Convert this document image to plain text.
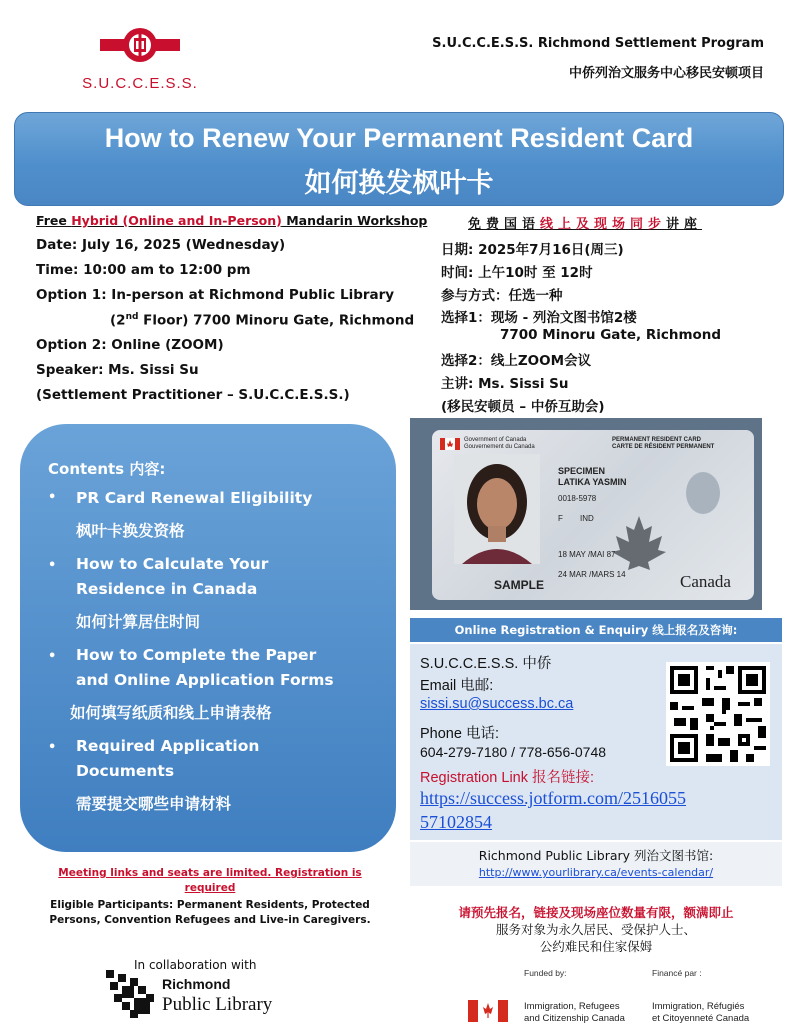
S.U.C.C.E.S.S.
S.U.C.C.E.S.S. Richmond Settlement Program
中侨列治文服务中心移民安顿项目
How to Renew Your Permanent Resident Card
如何换发枫叶卡
Free Hybrid (Online and In-Person) Mandarin Workshop
Date: July 16, 2025 (Wednesday)
Time: 10:00 am to 12:00 pm
Option 1: In-person at Richmond Public Library
(2nd Floor) 7700 Minoru Gate, Richmond
Option 2: Online (ZOOM)
Speaker: Ms. Sissi Su
(Settlement Practitioner – S.U.C.C.E.S.S.)
免费国语线上及现场同步讲座
日期: 2025年7月16日(周三)
时间: 上午10时 至 12时
参与方式：任选一种
选择1：现场 - 列治文图书馆2楼
7700 Minoru Gate, Richmond
选择2：线上ZOOM会议
主讲: Ms. Sissi Su
(移民安顿员 – 中侨互助会)
Contents 内容:
• PR Card Renewal Eligibility
枫叶卡换发资格
• How to Calculate Your
Residence in Canada
如何计算居住时间
• How to Complete the Paper
and Online Application Forms
如何填写纸质和线上申请表格
• Required Application
Documents
需要提交哪些申请材料
Government of Canada
Gouvernement du Canada
PERMANENT RESIDENT CARD
CARTE DE RÉSIDENT PERMANENT
SPECIMEN
LATIKA YASMIN
0018-5978
F IND
18 MAY /MAI 87
24 MAR /MARS 14
SAMPLE	Canada
Online Registration & Enquiry 线上报名及咨询:
S.U.C.C.E.S.S. 中侨
Email 电邮:
sissi.su@success.bc.ca
Phone 电话:
604-279-7180 / 778-656-0748
Registration Link 报名链接:
https://success.jotform.com/2516055
57102854
Richmond Public Library 列治文图书馆:
http://www.yourlibrary.ca/events-calendar/
Meeting links and seats are limited. Registration is
required
Eligible Participants: Permanent Residents, Protected
Persons, Convention Refugees and Live-in Caregivers.
In collaboration with
Richmond
Public Library
请预先报名，链接及现场座位数量有限，额满即止
服务对象为永久居民、受保护人士、
公约难民和住家保姆
Funded by:	Financé par :
Immigration, Refugees
and Citizenship Canada
Immigration, Réfugiés
et Citoyenneté Canada
